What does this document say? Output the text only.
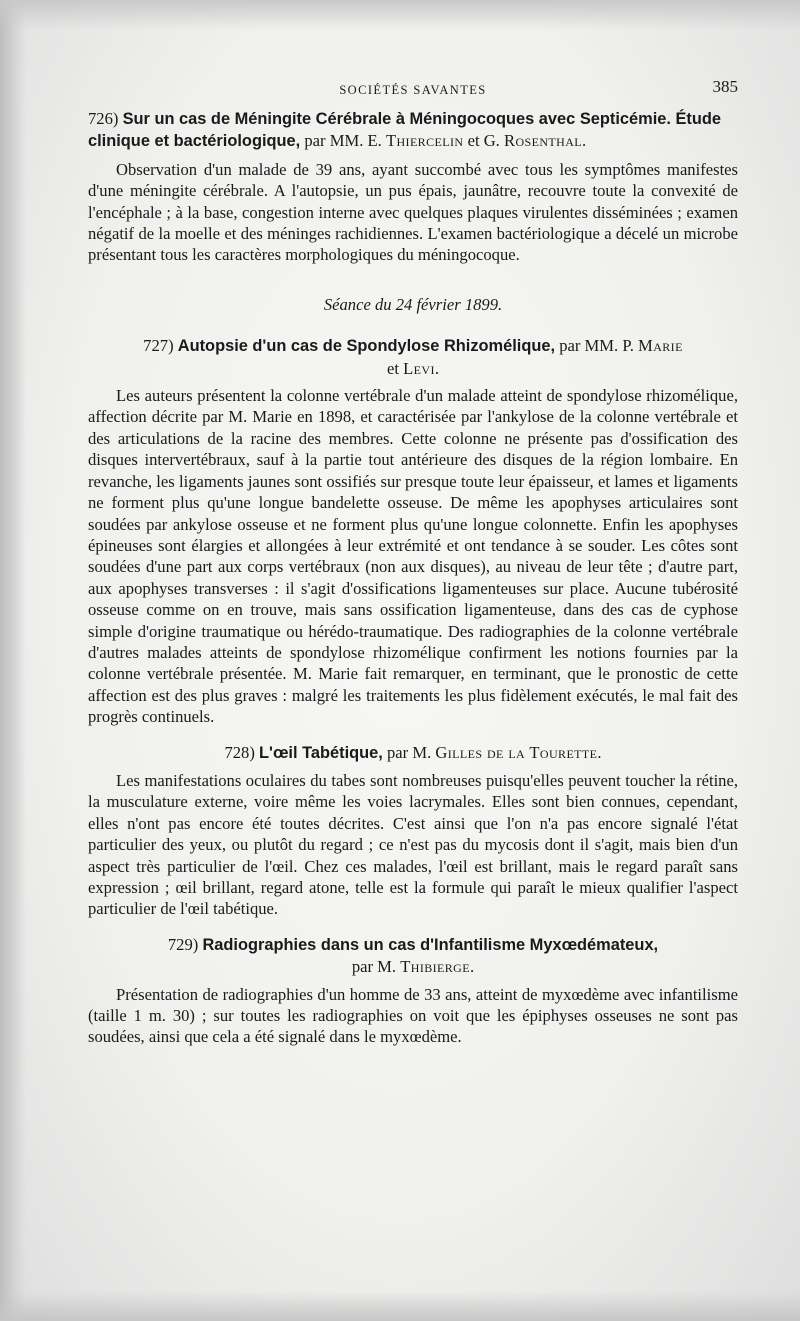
SOCIÉTÉS SAVANTES	385

726) Sur un cas de Méningite Cérébrale à Méningocoques avec Septicémie. Étude clinique et bactériologique, par MM. E. Thiercelin et G. Rosenthal.

Observation d'un malade de 39 ans, ayant succombé avec tous les symptômes manifestes d'une méningite cérébrale. A l'autopsie, un pus épais, jaunâtre, recouvre toute la convexité de l'encéphale ; à la base, congestion interne avec quelques plaques virulentes disséminées ; examen négatif de la moelle et des méninges rachidiennes. L'examen bactériologique a décelé un microbe présentant tous les caractères morphologiques du méningocoque.

Séance du 24 février 1899.

727) Autopsie d'un cas de Spondylose Rhizomélique, par MM. P. Marie
et Levi.

Les auteurs présentent la colonne vertébrale d'un malade atteint de spondylose rhizomélique, affection décrite par M. Marie en 1898, et caractérisée par l'ankylose de la colonne vertébrale et des articulations de la racine des membres. Cette colonne ne présente pas d'ossification des disques intervertébraux, sauf à la partie tout antérieure des disques de la région lombaire. En revanche, les ligaments jaunes sont ossifiés sur presque toute leur épaisseur, et lames et ligaments ne forment plus qu'une longue bandelette osseuse. De même les apophyses articulaires sont soudées par ankylose osseuse et ne forment plus qu'une longue colonnette. Enfin les apophyses épineuses sont élargies et allongées à leur extrémité et ont tendance à se souder. Les côtes sont soudées d'une part aux corps vertébraux (non aux disques), au niveau de leur tête ; d'autre part, aux apophyses transverses : il s'agit d'ossifications ligamenteuses sur place. Aucune tubérosité osseuse comme on en trouve, mais sans ossification ligamenteuse, dans des cas de cyphose simple d'origine traumatique ou hérédo-traumatique. Des radiographies de la colonne vertébrale d'autres malades atteints de spondylose rhizomélique confirment les notions fournies par la colonne vertébrale présentée. M. Marie fait remarquer, en terminant, que le pronostic de cette affection est des plus graves : malgré les traitements les plus fidèlement exécutés, le mal fait des progrès continuels.

728) L'œil Tabétique, par M. Gilles de la Tourette.

Les manifestations oculaires du tabes sont nombreuses puisqu'elles peuvent toucher la rétine, la musculature externe, voire même les voies lacrymales. Elles sont bien connues, cependant, elles n'ont pas encore été toutes décrites. C'est ainsi que l'on n'a pas encore signalé l'état particulier des yeux, ou plutôt du regard ; ce n'est pas du mycosis dont il s'agit, mais bien d'un aspect très particulier de l'œil. Chez ces malades, l'œil est brillant, mais le regard paraît sans expression ; œil brillant, regard atone, telle est la formule qui paraît le mieux qualifier l'aspect particulier de l'œil tabétique.

729) Radiographies dans un cas d'Infantilisme Myxœdémateux,
par M. Thibierge.

Présentation de radiographies d'un homme de 33 ans, atteint de myxœdème avec infantilisme (taille 1 m. 30) ; sur toutes les radiographies on voit que les épiphyses osseuses ne sont pas soudées, ainsi que cela a été signalé dans le myxœdème.
